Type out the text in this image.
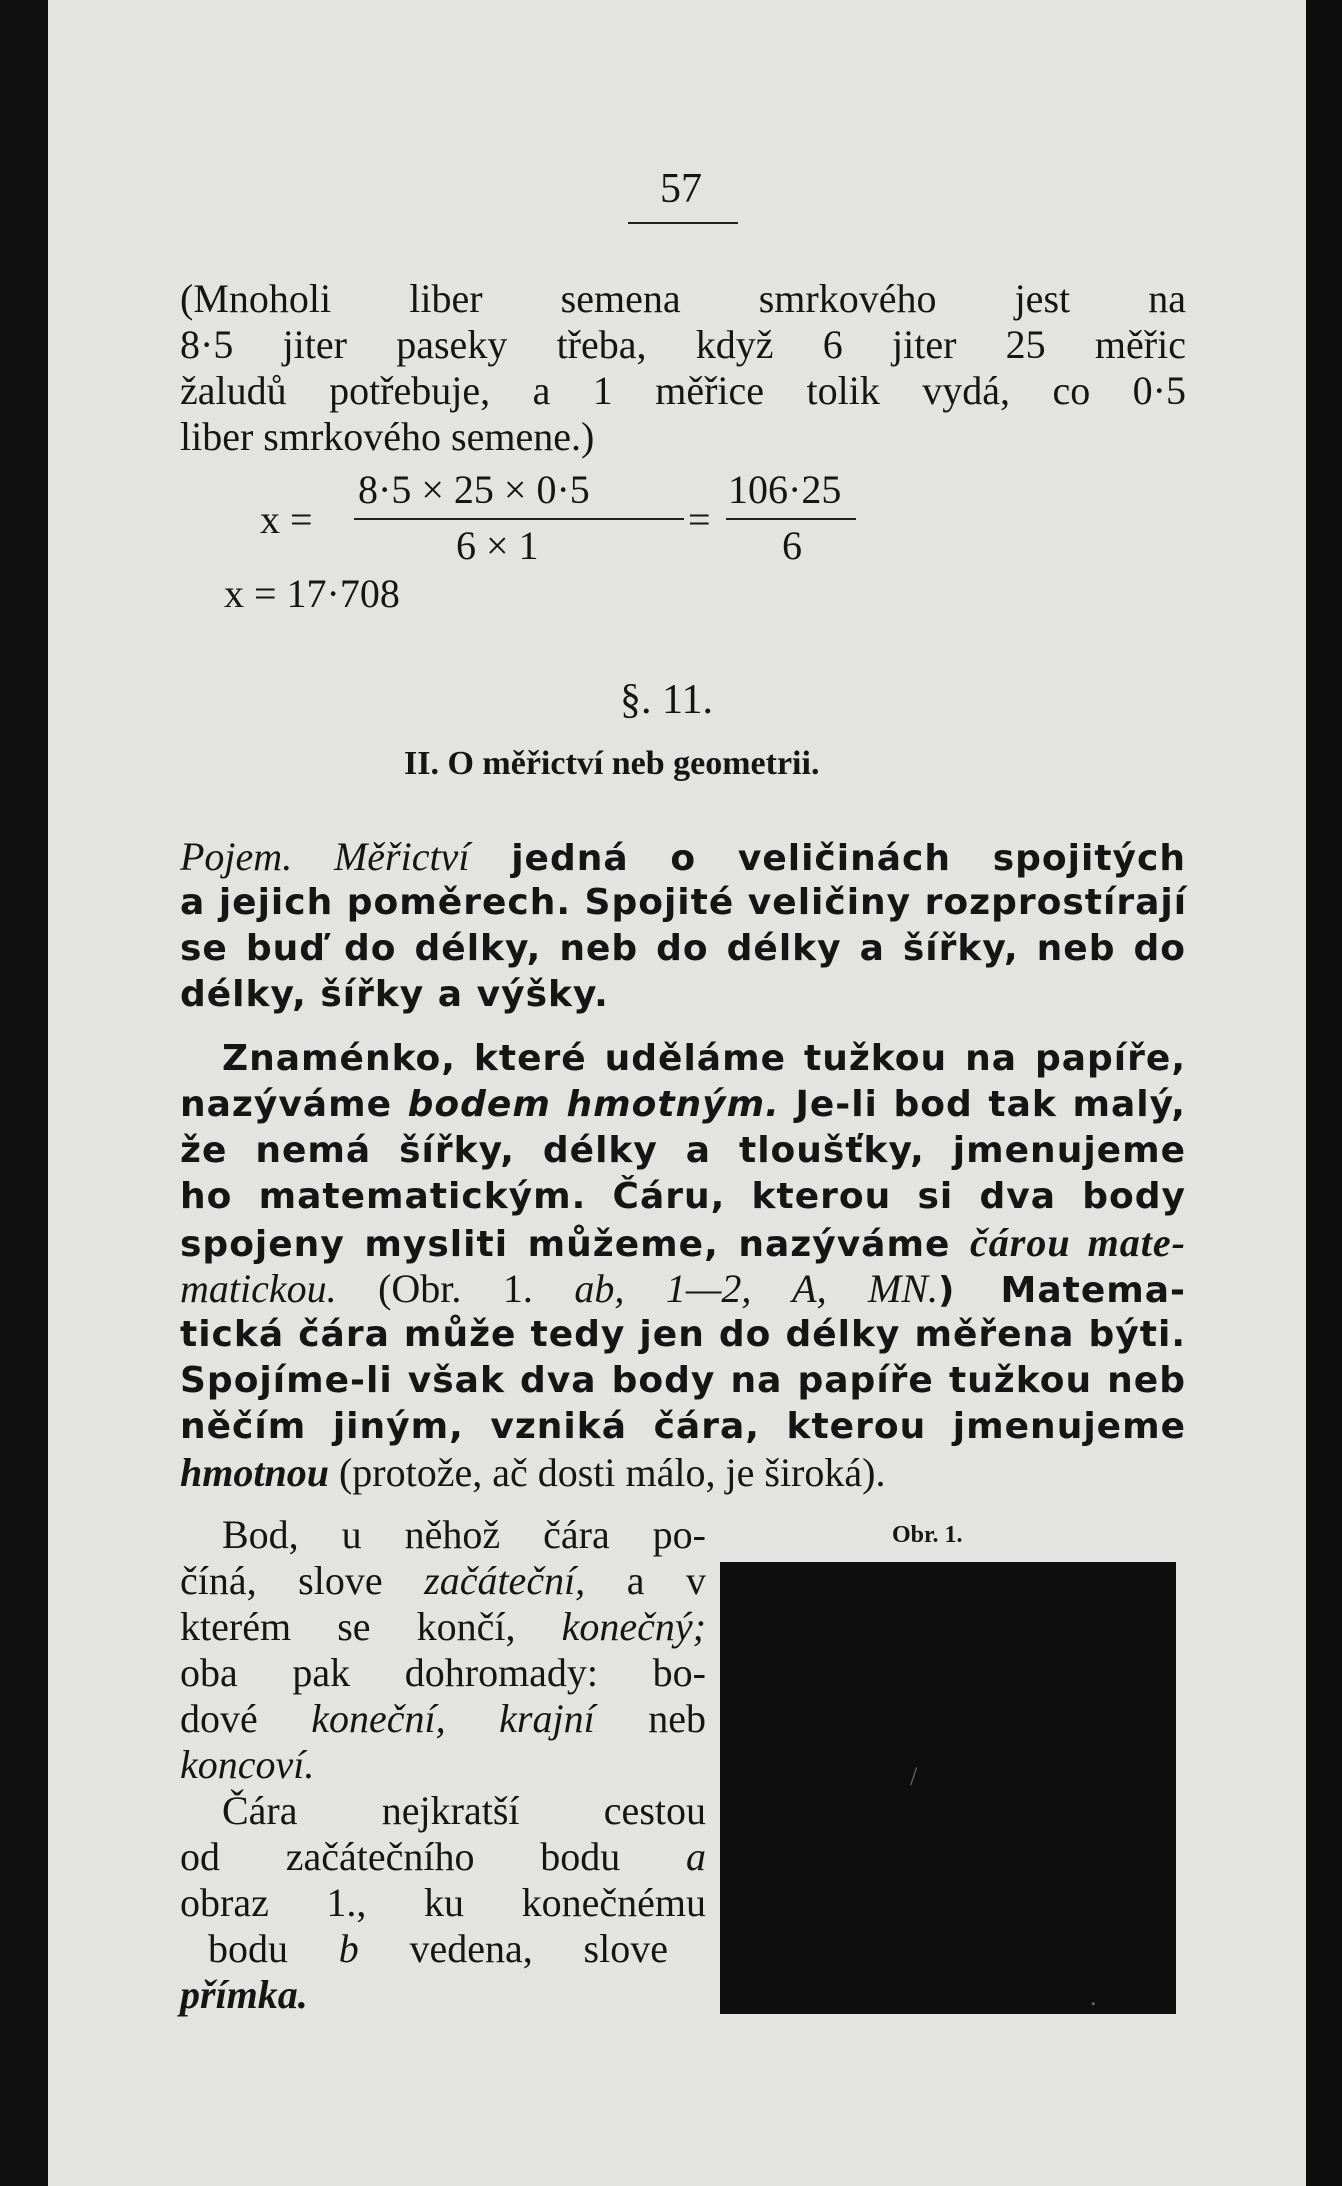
57
(Mnoholi liber semena smrkového jest na
8·5 jiter paseky třeba, když 6 jiter 25 měřic
žaludů potřebuje, a 1 měřice tolik vydá, co 0·5
liber smrkového semene.)
x =
8·5 × 25 × 0·5
6 × 1
=
106·25
6
x = 17·708
§. 11.
II. O měřictví neb geometrii.
Pojem. Měřictví jedná o veličinách spojitých
a jejich poměrech. Spojité veličiny rozprostírají
se buď do délky, neb do délky a šířky, neb do
délky, šířky a výšky.
Znaménko, které uděláme tužkou na papíře,
nazýváme bodem hmotným. Je-li bod tak malý,
že nemá šířky, délky a tloušťky, jmenujeme
ho matematickým. Čáru, kterou si dva body
spojeny mysliti můžeme, nazýváme čárou mate-
matickou. (Obr. 1. ab, 1—2, A, MN.) Matema-
tická čára může tedy jen do délky měřena býti.
Spojíme-li však dva body na papíře tužkou neb
něčím jiným, vzniká čára, kterou jmenujeme
hmotnou (protože, ač dosti málo, je široká).
Bod, u něhož čára po-
číná, slove začáteční, a v
kterém se končí, konečný;
oba pak dohromady: bo-
dové koneční, krajní neb
koncoví.
Čára nejkratší cestou
od začátečního bodu a
obraz 1., ku konečnému
bodu b vedena, slove
přímka.
Obr. 1.
/
.
